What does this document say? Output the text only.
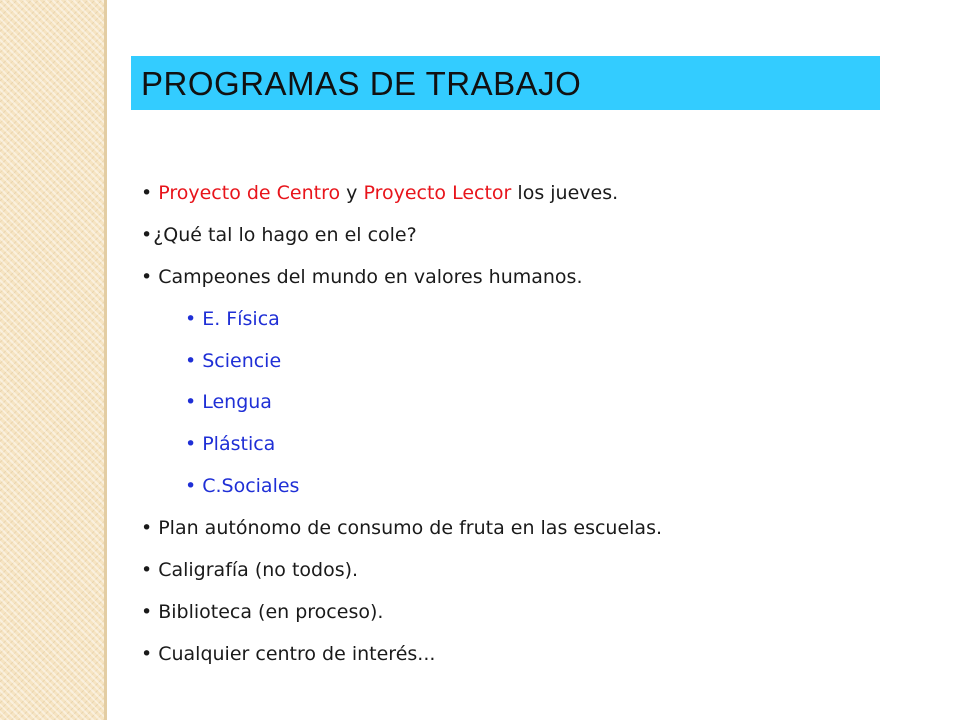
PROGRAMAS DE TRABAJO
• Proyecto de Centro y Proyecto Lector los jueves.
• ¿Qué tal lo hago en el cole?
• Campeones del mundo en valores humanos.
• E. Física
• Sciencie
• Lengua
• Plástica
• C.Sociales
• Plan autónomo de consumo de fruta en las escuelas.
• Caligrafía (no todos).
• Biblioteca (en proceso).
• Cualquier centro de interés...
